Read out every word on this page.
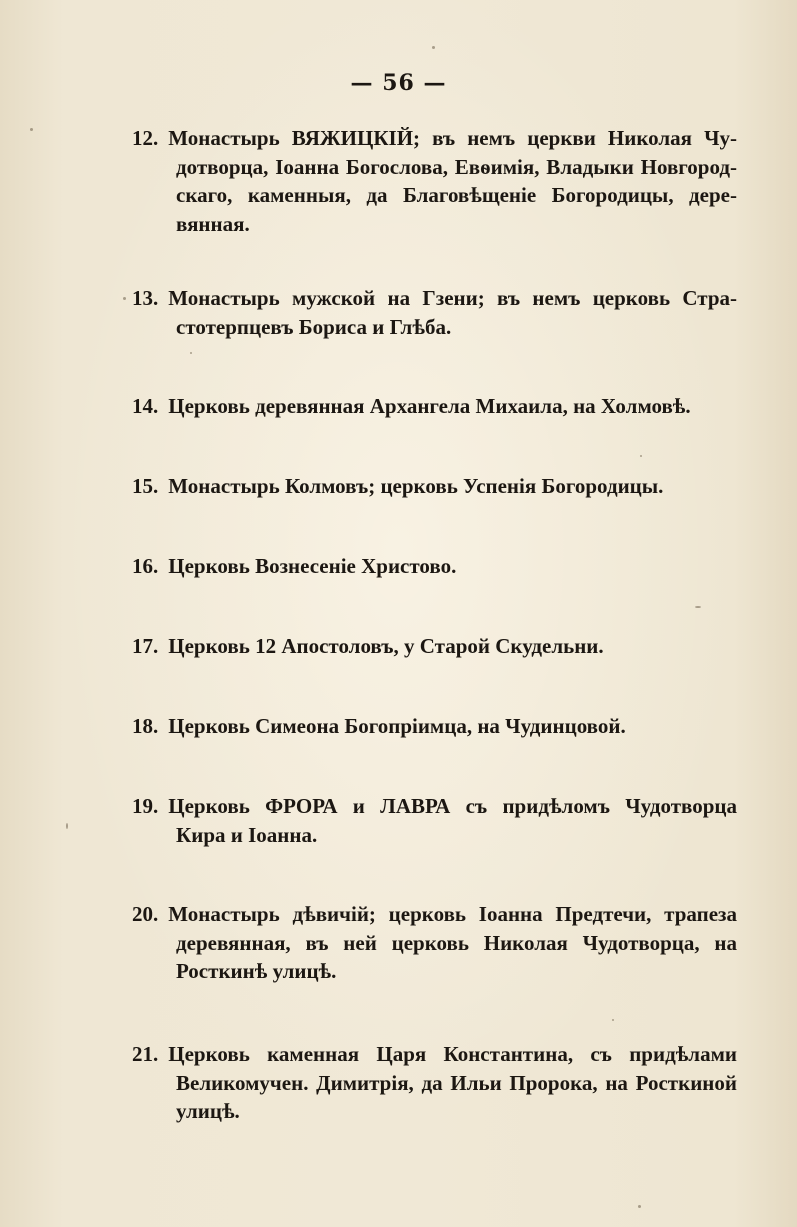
— 56 —
12. Монастырь ВЯЖИЦКІЙ; въ немъ церкви Николая Чу-
дотворца, Іоанна Богослова, Евѳимія, Владыки Новгород-
скаго, каменныя, да Благовѣщеніе Богородицы, дере-
вянная.
13. Монастырь мужской на Гзени; въ немъ церковь Стра-
стотерпцевъ Бориса и Глѣба.
14. Церковь деревянная Архангела Михаила, на Холмовѣ.
15. Монастырь Колмовъ; церковь Успенія Богородицы.
16. Церковь Вознесеніе Христово.
17. Церковь 12 Апостоловъ, у Старой Скудельни.
18. Церковь Симеона Богопріимца, на Чудинцовой.
19. Церковь ФРОРА и ЛАВРА съ придѣломъ Чудотворца
Кира и Іоанна.
20. Монастырь дѣвичій; церковь Іоанна Предтечи, трапеза
деревянная, въ ней церковь Николая Чудотворца, на
Росткинѣ улицѣ.
21. Церковь каменная Царя Константина, съ придѣлами
Великомучен. Димитрія, да Ильи Пророка, на Росткиной
улицѣ.
